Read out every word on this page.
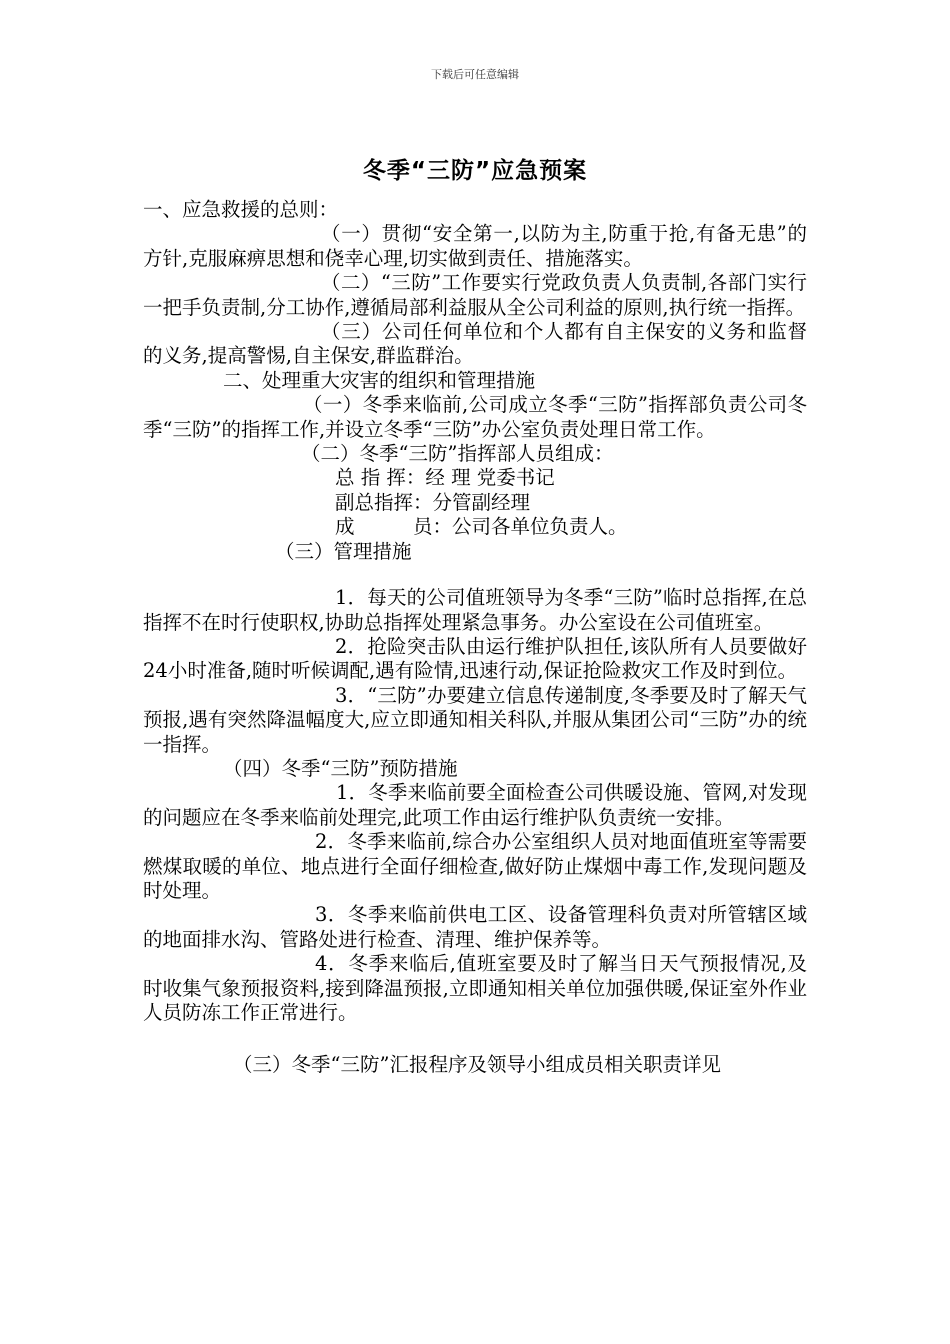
下载后可任意编辑
冬季“三防”应急预案

一、应急救援的总则：

（一）贯彻“安全第一,以防为主,防重于抢,有备无患”的方针,克服麻痹思想和侥幸心理,切实做到责任、措施落实。

（二）“三防”工作要实行党政负责人负责制,各部门实行一把手负责制,分工协作,遵循局部利益服从全公司利益的原则,执行统一指挥。

（三）公司任何单位和个人都有自主保安的义务和监督的义务,提高警惕,自主保安,群监群治。

二、处理重大灾害的组织和管理措施

（一）冬季来临前,公司成立冬季“三防”指挥部负责公司冬季“三防”的指挥工作,并设立冬季“三防”办公室负责处理日常工作。

（二）冬季“三防”指挥部人员组成：

总 指 挥：经 理 党委书记

副总指挥：分管副经理

成　　　员：公司各单位负责人。

（三）管理措施

1．每天的公司值班领导为冬季“三防”临时总指挥,在总指挥不在时行使职权,协助总指挥处理紧急事务。办公室设在公司值班室。

2．抢险突击队由运行维护队担任,该队所有人员要做好24小时准备,随时听候调配,遇有险情,迅速行动,保证抢险救灾工作及时到位。

3．“三防”办要建立信息传递制度,冬季要及时了解天气预报,遇有突然降温幅度大,应立即通知相关科队,并服从集团公司“三防”办的统一指挥。

（四）冬季“三防”预防措施

1．冬季来临前要全面检查公司供暖设施、管网,对发现的问题应在冬季来临前处理完,此项工作由运行维护队负责统一安排。

2．冬季来临前,综合办公室组织人员对地面值班室等需要燃煤取暖的单位、地点进行全面仔细检查,做好防止煤烟中毒工作,发现问题及时处理。

3．冬季来临前供电工区、设备管理科负责对所管辖区域的地面排水沟、管路处进行检查、清理、维护保养等。

4．冬季来临后,值班室要及时了解当日天气预报情况,及时收集气象预报资料,接到降温预报,立即通知相关单位加强供暖,保证室外作业人员防冻工作正常进行。

（三）冬季“三防”汇报程序及领导小组成员相关职责详见
